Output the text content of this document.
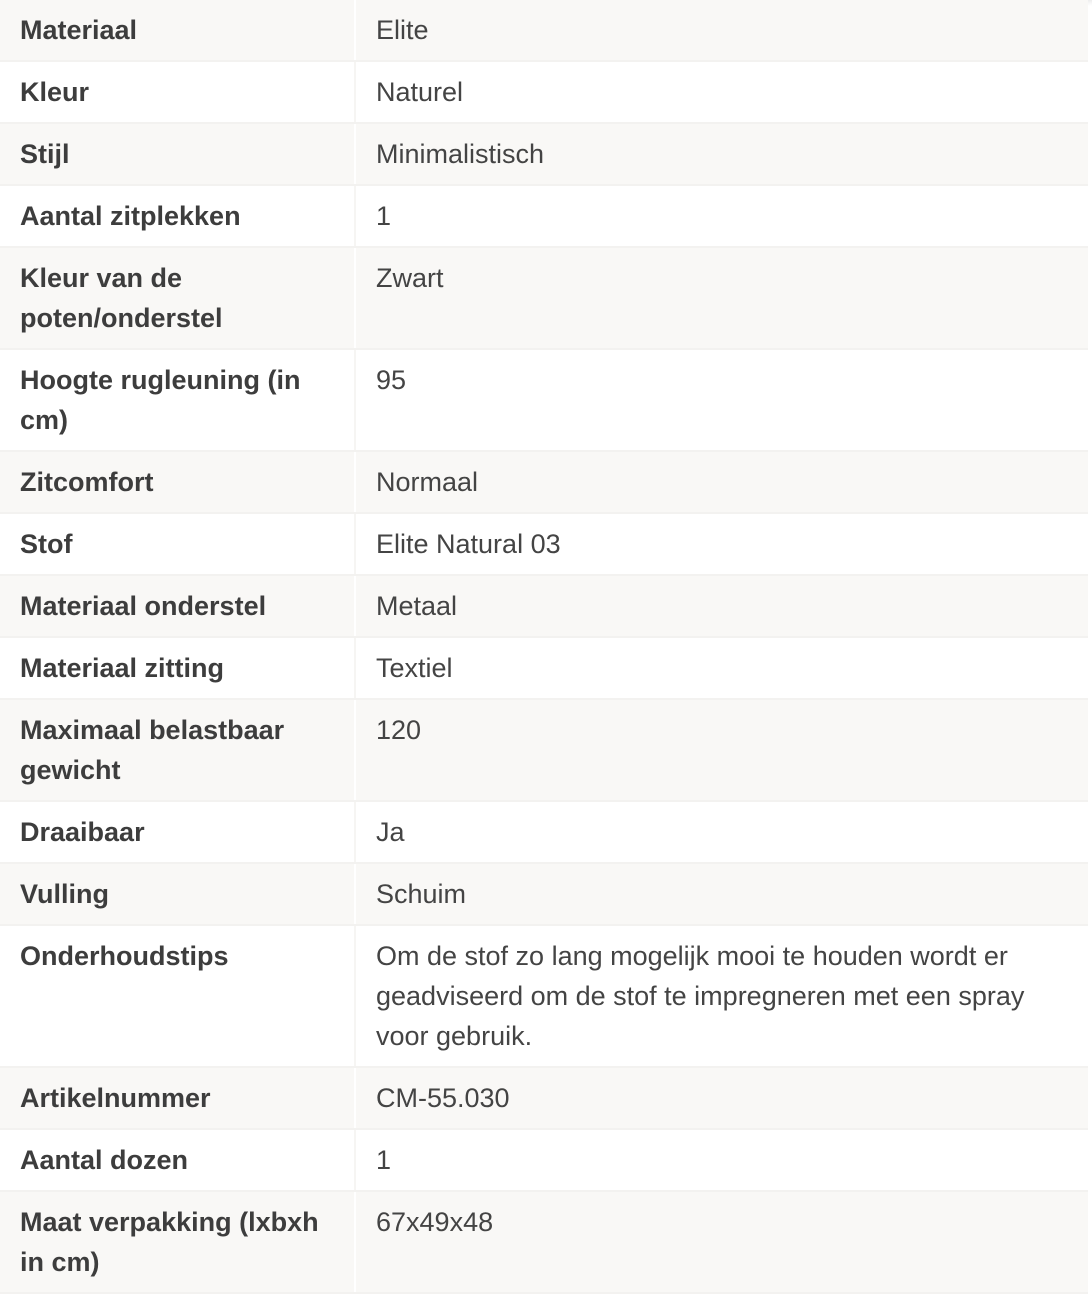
Materiaal	Elite
Kleur	Naturel
Stijl	Minimalistisch
Aantal zitplekken	1
Kleur van de poten/onderstel	Zwart
Hoogte rugleuning (in cm)	95
Zitcomfort	Normaal
Stof	Elite Natural 03
Materiaal onderstel	Metaal
Materiaal zitting	Textiel
Maximaal belastbaar gewicht	120
Draaibaar	Ja
Vulling	Schuim
Onderhoudstips	Om de stof zo lang mogelijk mooi te houden wordt er geadviseerd om de stof te impregneren met een spray voor gebruik.
Artikelnummer	CM-55.030
Aantal dozen	1
Maat verpakking (lxbxh in cm)	67x49x48
